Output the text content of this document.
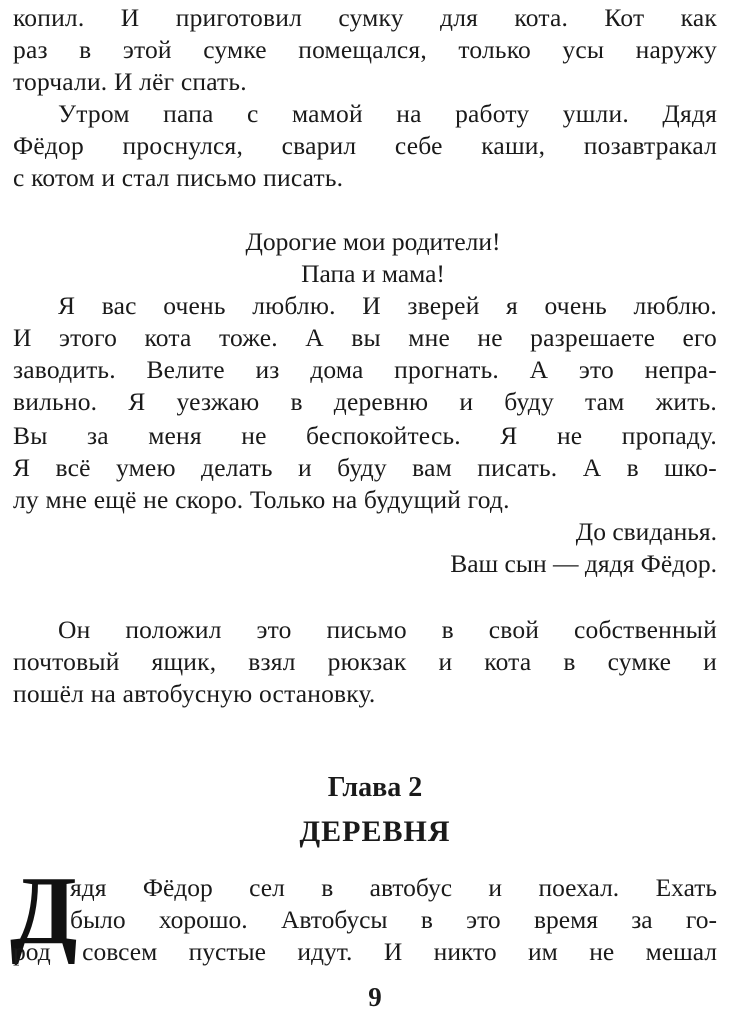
копил. И приготовил сумку для кота. Кот как
раз в этой сумке помещался, только усы наружу
торчали. И лёг спать.
Утром папа с мамой на работу ушли. Дядя
Фёдор проснулся, сварил себе каши, позавтракал
с котом и стал письмо писать.
Дорогие мои родители!
Папа и мама!
Я вас очень люблю. И зверей я очень люблю.
И этого кота тоже. А вы мне не разрешаете его
заводить. Велите из дома прогнать. А это непра-
вильно. Я уезжаю в деревню и буду там жить.
Вы за меня не беспокойтесь. Я не пропаду.
Я всё умею делать и буду вам писать. А в шко-
лу мне ещё не скоро. Только на будущий год.
До свиданья.
Ваш сын — дядя Фёдор.
Он положил это письмо в свой собственный
почтовый ящик, взял рюкзак и кота в сумке и
пошёл на автобусную остановку.
Глава 2
ДЕРЕВНЯ
Д
ядя Фёдор сел в автобус и поехал. Ехать
было хорошо. Автобусы в это время за го-
род совсем пустые идут. И никто им не мешал
9
